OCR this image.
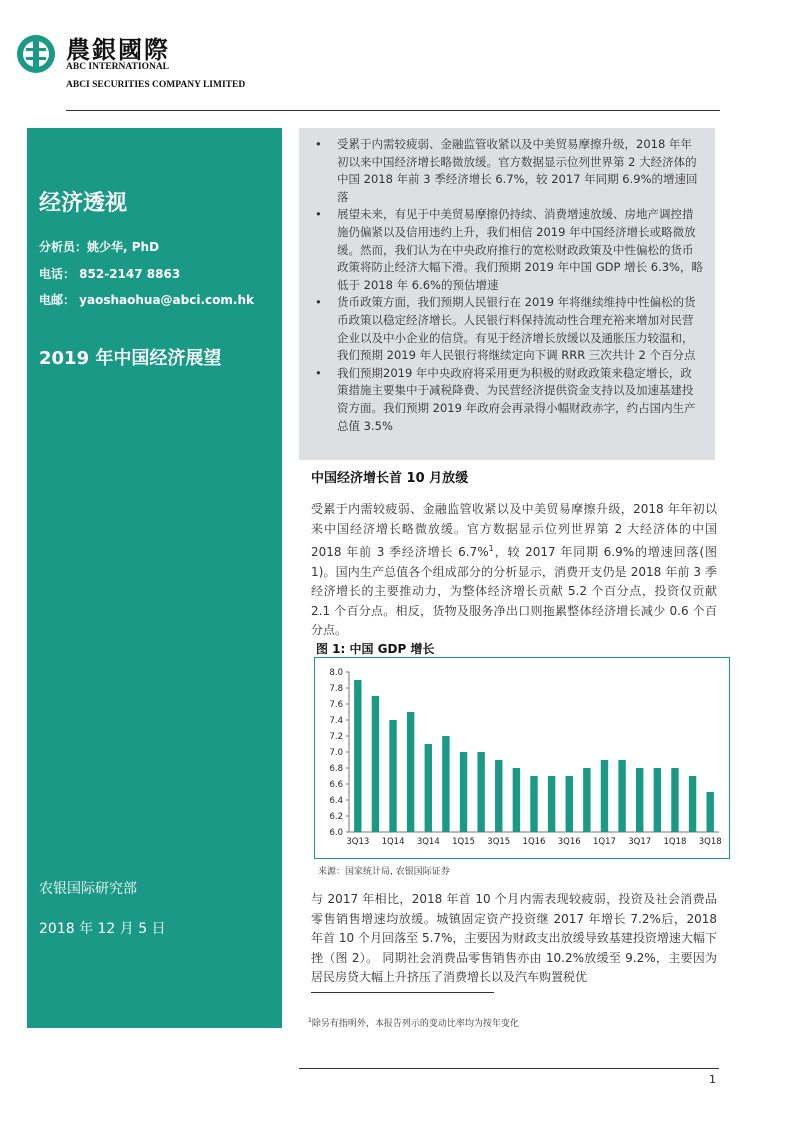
農銀國際
ABC INTERNATIONAL
ABCI SECURITIES COMPANY LIMITED
经济透视
分析员：姚少华, PhD
电话： 852-2147 8863
电邮： yaoshaohua@abci.com.hk
2019 年中国经济展望
农银国际研究部
2018 年 12 月 5 日
• 受累于内需较疲弱、金融监管收紧以及中美贸易摩擦升级，2018 年年初以来中国经济增长略微放缓。官方数据显示位列世界第 2 大经济体的中国 2018 年前 3 季经济增长 6.7%，较 2017 年同期 6.9%的增速回落
• 展望未来，有见于中美贸易摩擦仍持续、消费增速放缓、房地产调控措施仍偏紧以及信用违约上升，我们相信 2019 年中国经济增长或略微放缓。然而，我们认为在中央政府推行的宽松财政政策及中性偏松的货币政策将防止经济大幅下滑。我们预期 2019 年中国 GDP 增长 6.3%，略低于 2018 年 6.6%的预估增速
• 货币政策方面，我们预期人民银行在 2019 年将继续维持中性偏松的货币政策以稳定经济增长。人民银行料保持流动性合理充裕来增加对民营企业以及中小企业的信贷。有见于经济增长放缓以及通胀压力较温和，我们预期 2019 年人民银行将继续定向下调 RRR 三次共计 2 个百分点
• 我们预期2019 年中央政府将采用更为积极的财政政策来稳定增长，政策措施主要集中于减税降费、为民营经济提供资金支持以及加速基建投资方面。我们预期 2019 年政府会再录得小幅财政赤字，约占国内生产总值 3.5%
中国经济增长首 10 月放缓
受累于内需较疲弱、金融监管收紧以及中美贸易摩擦升级，2018 年年初以来中国经济增长略微放缓。官方数据显示位列世界第 2 大经济体的中国 2018 年前 3 季经济增长 6.7%$^1$，较 2017 年同期 6.9%的增速回落(图 1)。国内生产总值各个组成部分的分析显示，消费开支仍是 2018 年前 3 季经济增长的主要推动力，为整体经济增长贡献 5.2 个百分点，投资仅贡献 2.1 个百分点。相反，货物及服务净出口则拖累整体经济增长减少 0.6 个百分点。
图 1: 中国 GDP 增长
6.0
6.2
6.4
6.6
6.8
7.0
7.2
7.4
7.6
7.8
8.0
3Q13 1Q14 3Q14 1Q15 3Q15 1Q16 3Q16 1Q17 3Q17 1Q18 3Q18
来源：国家统计局, 农银国际证券
与 2017 年相比，2018 年首 10 个月内需表现较疲弱，投资及社会消费品零售销售增速均放缓。城镇固定资产投资继 2017 年增长 7.2%后，2018 年首 10 个月回落至 5.7%，主要因为财政支出放缓导致基建投资增速大幅下挫（图 2）。 同期社会消费品零售销售亦由 10.2%放缓至 9.2%，主要因为居民房贷大幅上升挤压了消费增长以及汽车购置税优
$^1$除另有指明外，本报告列示的变动比率均为按年变化
1
